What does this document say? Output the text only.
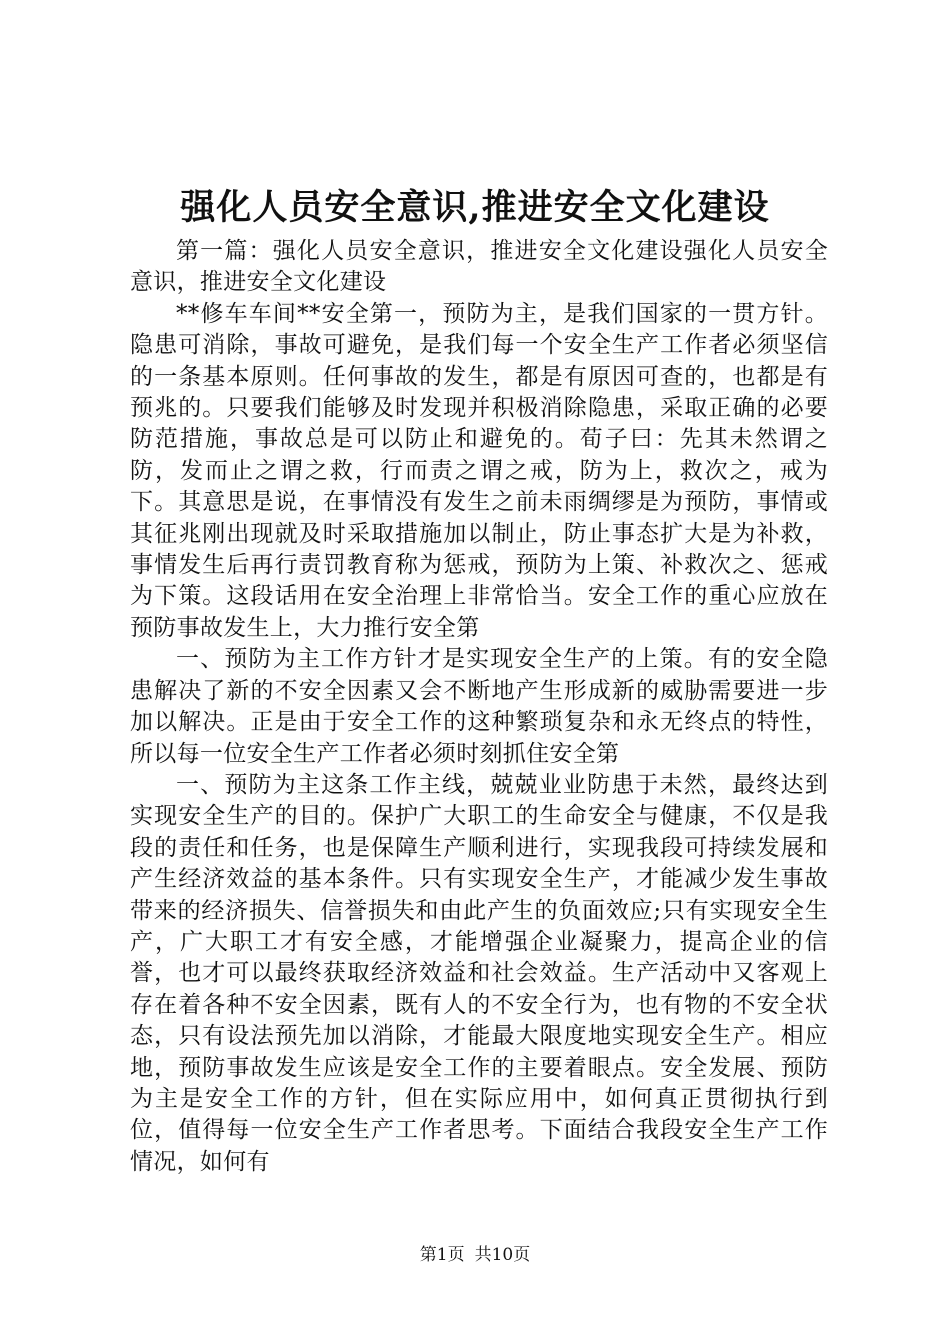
强化人员安全意识,推进安全文化建设

第一篇：强化人员安全意识，推进安全文化建设强化人员安全意识，推进安全文化建设

**修车车间**安全第一，预防为主，是我们国家的一贯方针。隐患可消除，事故可避免，是我们每一个安全生产工作者必须坚信的一条基本原则。任何事故的发生，都是有原因可查的，也都是有预兆的。只要我们能够及时发现并积极消除隐患，采取正确的必要防范措施，事故总是可以防止和避免的。荀子曰：先其未然谓之防，发而止之谓之救，行而责之谓之戒，防为上，救次之，戒为下。其意思是说，在事情没有发生之前未雨绸缪是为预防，事情或其征兆刚出现就及时采取措施加以制止，防止事态扩大是为补救，事情发生后再行责罚教育称为惩戒，预防为上策、补救次之、惩戒为下策。这段话用在安全治理上非常恰当。安全工作的重心应放在预防事故发生上，大力推行安全第

一、预防为主工作方针才是实现安全生产的上策。有的安全隐患解决了新的不安全因素又会不断地产生形成新的威胁需要进一步加以解决。正是由于安全工作的这种繁琐复杂和永无终点的特性，所以每一位安全生产工作者必须时刻抓住安全第

一、预防为主这条工作主线，兢兢业业防患于未然，最终达到实现安全生产的目的。保护广大职工的生命安全与健康，不仅是我段的责任和任务，也是保障生产顺利进行，实现我段可持续发展和产生经济效益的基本条件。只有实现安全生产，才能减少发生事故带来的经济损失、信誉损失和由此产生的负面效应;只有实现安全生产，广大职工才有安全感，才能增强企业凝聚力，提高企业的信誉，也才可以最终获取经济效益和社会效益。生产活动中又客观上存在着各种不安全因素，既有人的不安全行为，也有物的不安全状态，只有设法预先加以消除，才能最大限度地实现安全生产。相应地，预防事故发生应该是安全工作的主要着眼点。安全发展、预防为主是安全工作的方针，但在实际应用中，如何真正贯彻执行到位，值得每一位安全生产工作者思考。下面结合我段安全生产工作情况，如何有

第1页 共10页
